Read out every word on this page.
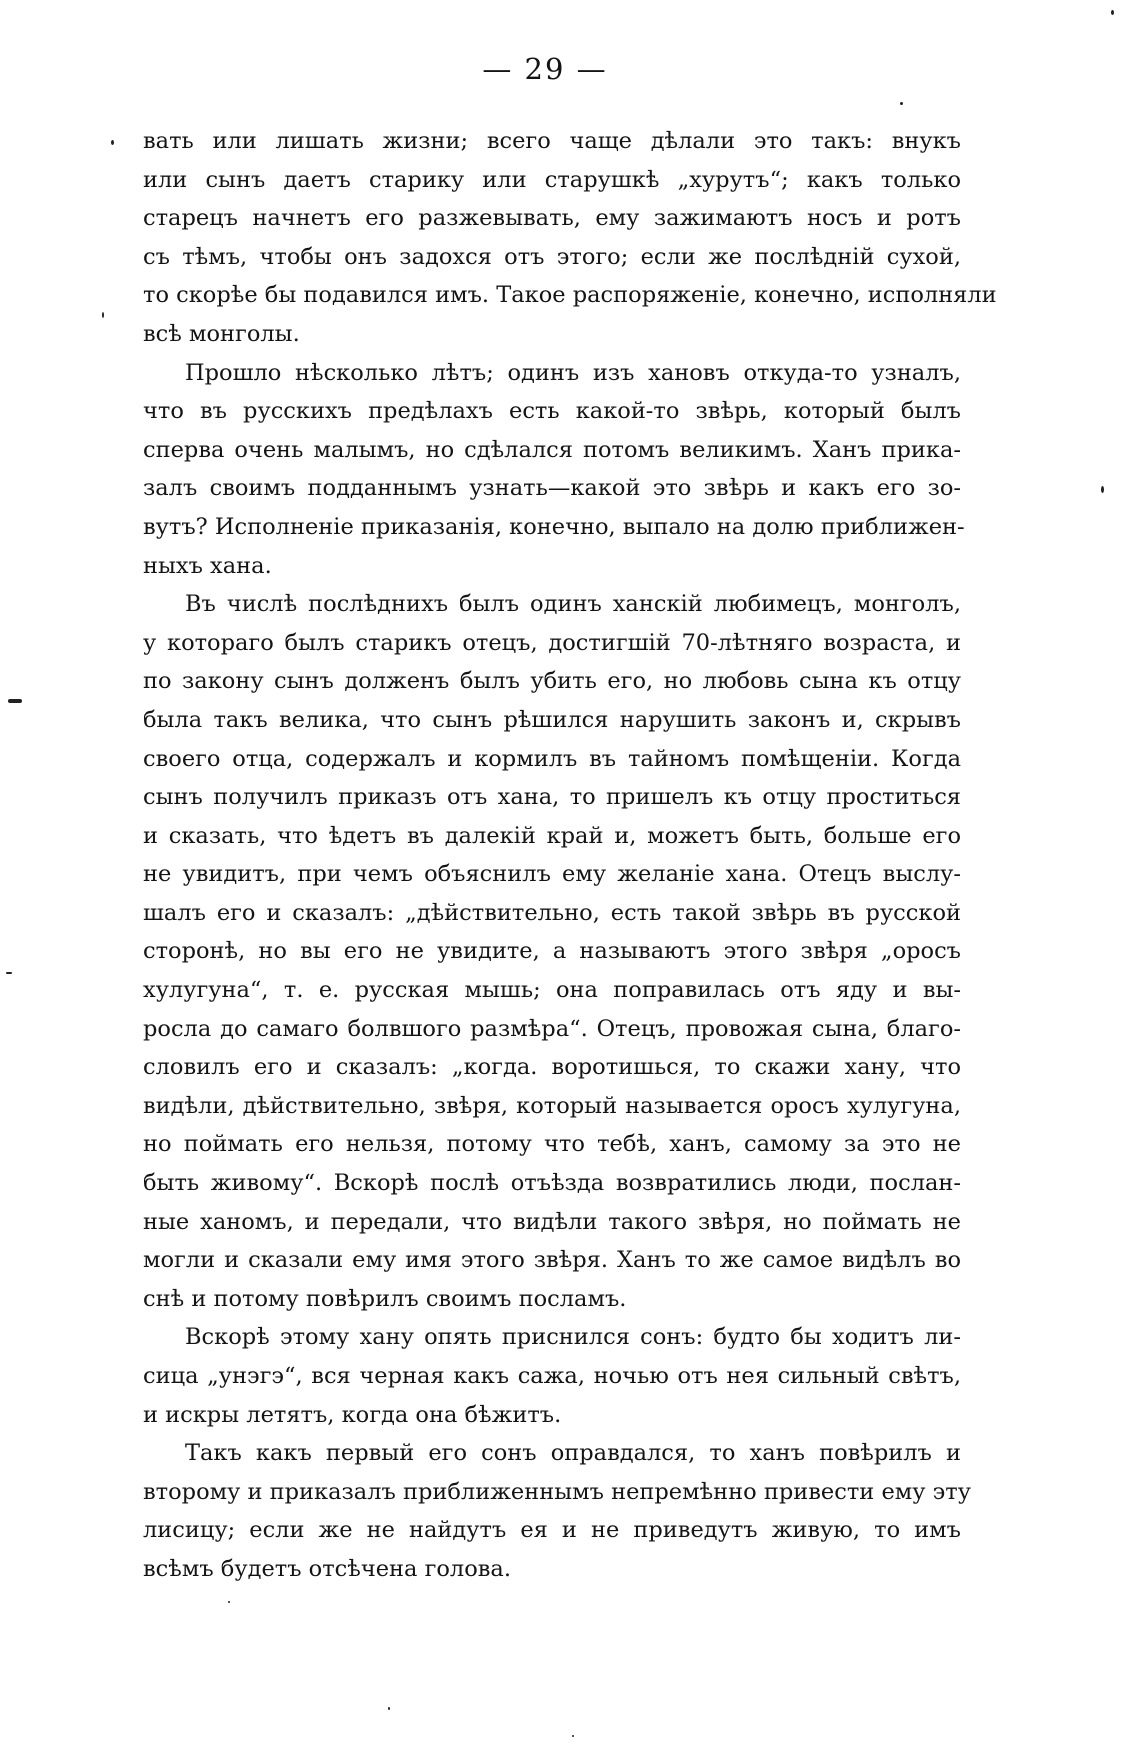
— 29 —
вать или лишать жизни; всего чаще дѣлали это такъ: внукъ
или сынъ даетъ старику или старушкѣ „хурутъ“; какъ только
старецъ начнетъ его разжевывать, ему зажимаютъ носъ и ротъ
съ тѣмъ, чтобы онъ задохся отъ этого; если же послѣдній сухой,
то скорѣе бы подавился имъ. Такое распоряженіе, конечно, исполняли
всѣ монголы.
Прошло нѣсколько лѣтъ; одинъ изъ хановъ откуда-то узналъ,
что въ русскихъ предѣлахъ есть какой-то звѣрь, который былъ
сперва очень малымъ, но сдѣлался потомъ великимъ. Ханъ прика-
залъ своимъ подданнымъ узнать—какой это звѣрь и какъ его зо-
вутъ? Исполненіе приказанія, конечно, выпало на долю приближен-
ныхъ хана.
Въ числѣ послѣднихъ былъ одинъ ханскій любимецъ, монголъ,
у котораго былъ старикъ отецъ, достигшій 70-лѣтняго возраста, и
по закону сынъ долженъ былъ убить его, но любовь сына къ отцу
была такъ велика, что сынъ рѣшился нарушить законъ и, скрывъ
своего отца, содержалъ и кормилъ въ тайномъ помѣщеніи. Когда
сынъ получилъ приказъ отъ хана, то пришелъ къ отцу проститься
и сказать, что ѣдетъ въ далекій край и, можетъ быть, больше его
не увидитъ, при чемъ объяснилъ ему желаніе хана. Отецъ выслу-
шалъ его и сказалъ: „дѣйствительно, есть такой звѣрь въ русской
сторонѣ, но вы его не увидите, а называютъ этого звѣря „оросъ
хулугуна“, т. е. русская мышь; она поправилась отъ яду и вы-
росла до самаго болвшого размѣра“. Отецъ, провожая сына, благо-
словилъ его и сказалъ: „когда. воротишься, то скажи хану, что
видѣли, дѣйствительно, звѣря, который называется оросъ хулугуна,
но поймать его нельзя, потому что тебѣ, ханъ, самому за это не
быть живому“. Вскорѣ послѣ отъѣзда возвратились люди, послан-
ные ханомъ, и передали, что видѣли такого звѣря, но поймать не
могли и сказали ему имя этого звѣря. Ханъ то же самое видѣлъ во
снѣ и потому повѣрилъ своимъ посламъ.
Вскорѣ этому хану опять приснился сонъ: будто бы ходитъ ли-
сица „унэгэ“, вся черная какъ сажа, ночью отъ нея сильный свѣтъ,
и искры летятъ, когда она бѣжитъ.
Такъ какъ первый его сонъ оправдался, то ханъ повѣрилъ и
второму и приказалъ приближеннымъ непремѣнно привести ему эту
лисицу; если же не найдутъ ея и не приведутъ живую, то имъ
всѣмъ будетъ отсѣчена голова.
